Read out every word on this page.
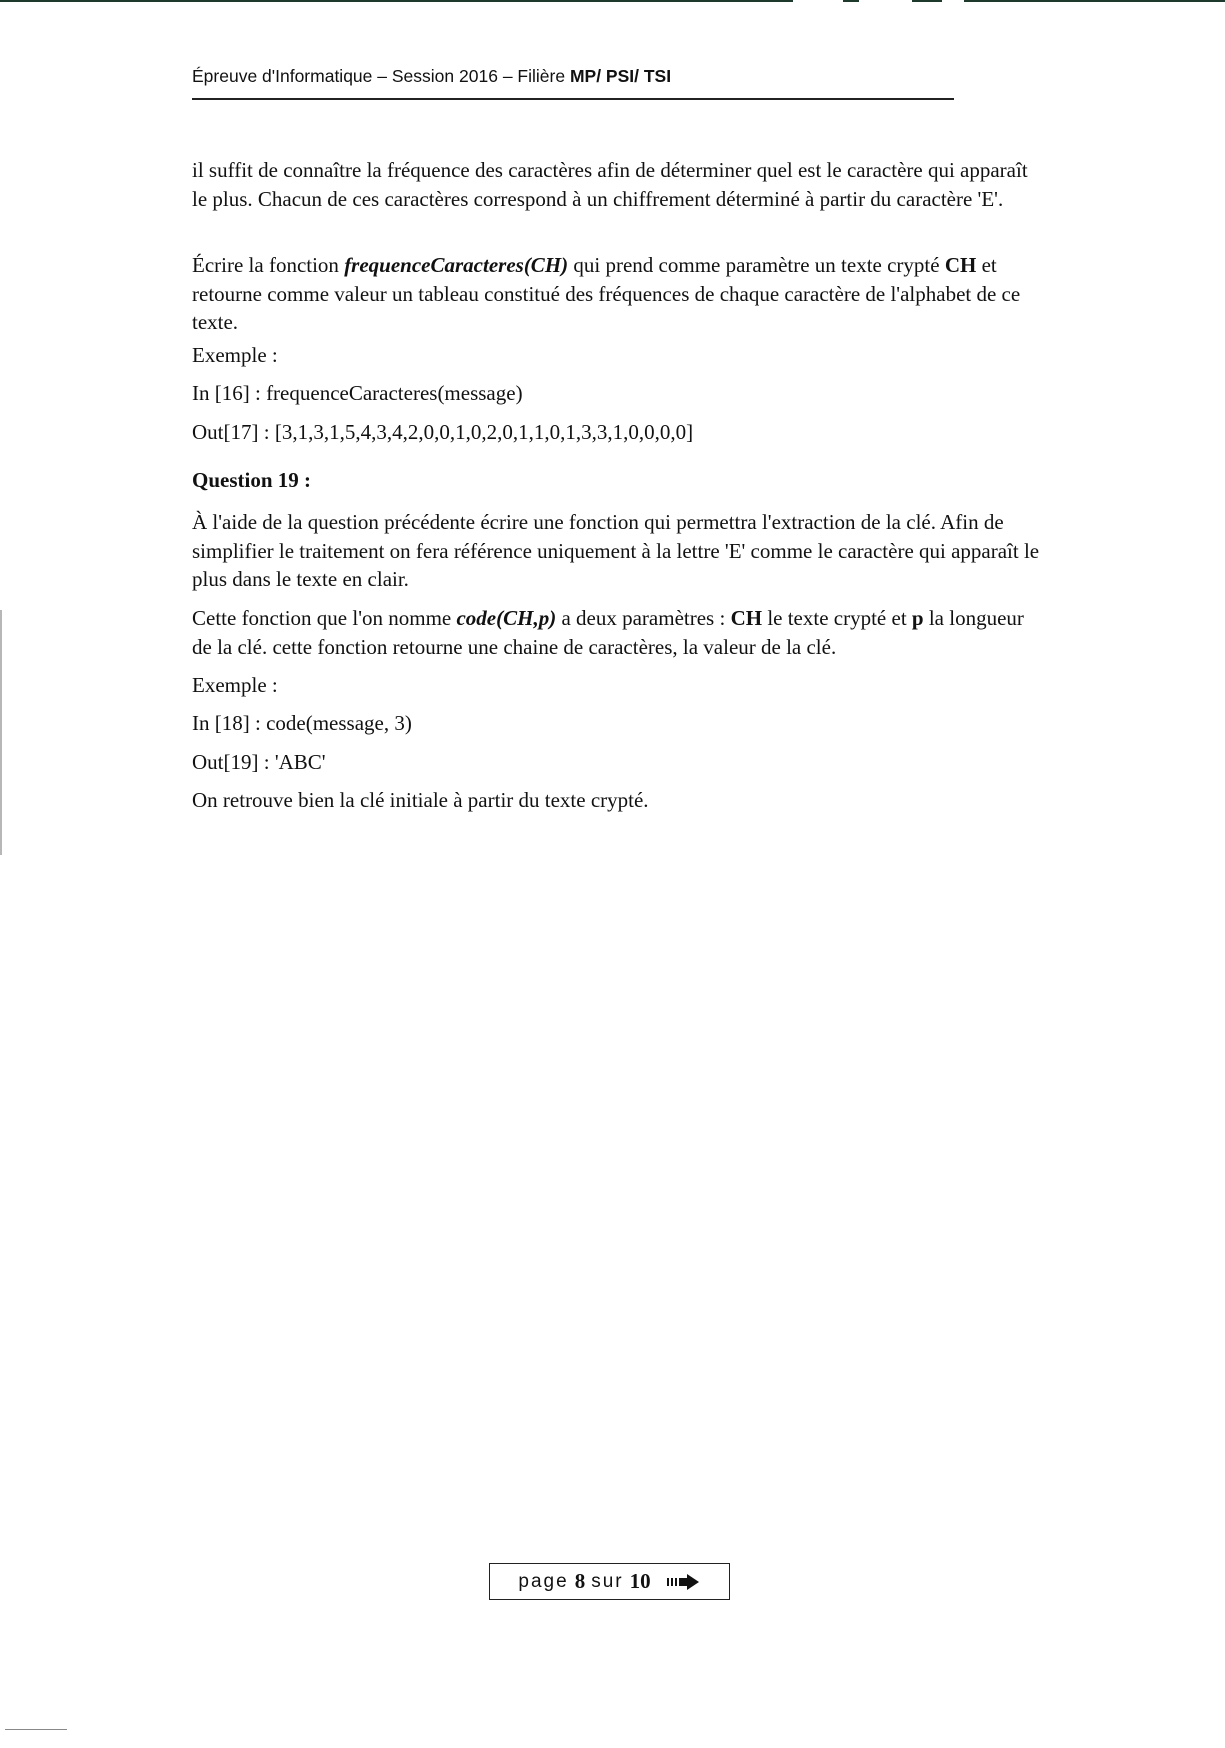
Épreuve d'Informatique – Session 2016 – Filière MP/ PSI/ TSI

il suffit de connaître la fréquence des caractères afin de déterminer quel est le caractère qui apparaît le plus. Chacun de ces caractères correspond à un chiffrement déterminé à partir du caractère 'E'.

Écrire la fonction frequenceCaracteres(CH) qui prend comme paramètre un texte crypté CH et retourne comme valeur un tableau constitué des fréquences de chaque caractère de l'alphabet de ce texte.

Exemple :

In [16] : frequenceCaracteres(message)

Out[17] : [3,1,3,1,5,4,3,4,2,0,0,1,0,2,0,1,1,0,1,3,3,1,0,0,0,0]

Question 19 :

À l'aide de la question précédente écrire une fonction qui permettra l'extraction de la clé. Afin de simplifier le traitement on fera référence uniquement à la lettre 'E' comme le caractère qui apparaît le plus dans le texte en clair.

Cette fonction que l'on nomme code(CH,p) a deux paramètres : CH le texte crypté et p la longueur de la clé. cette fonction retourne une chaine de caractères, la valeur de la clé.

Exemple :

In [18] : code(message, 3)

Out[19] : 'ABC'

On retrouve bien la clé initiale à partir du texte crypté.

page 8 sur 10
